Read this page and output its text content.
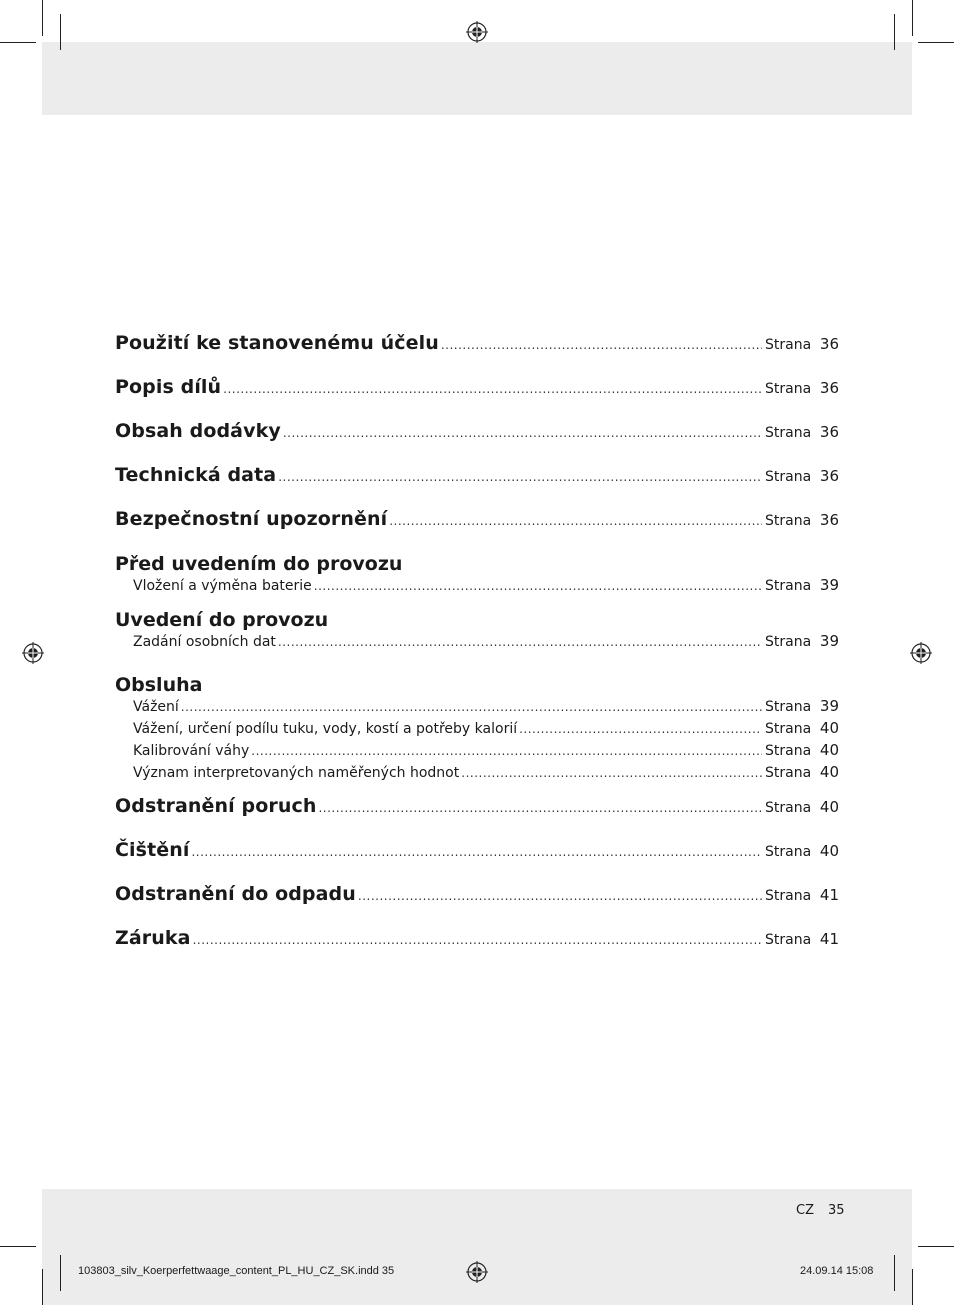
Použití ke stanovenému účelu .....	Strana 36
Popis dílů .....	Strana 36
Obsah dodávky .....	Strana 36
Technická data .....	Strana 36
Bezpečnostní upozornění .....	Strana 36
Před uvedením do provozu
Vložení a výměna baterie .....	Strana 39
Uvedení do provozu
Zadání osobních dat .....	Strana 39
Obsluha
Vážení .....	Strana 39
Vážení, určení podílu tuku, vody, kostí a potřeby kalorií .....	Strana 40
Kalibrování váhy .....	Strana 40
Význam interpretovaných naměřených hodnot .....	Strana 40
Odstranění poruch .....	Strana 40
Čištění .....	Strana 40
Odstranění do odpadu .....	Strana 41
Záruka .....	Strana 41
CZ 35
103803_silv_Koerperfettwaage_content_PL_HU_CZ_SK.indd 35	24.09.14 15:08
